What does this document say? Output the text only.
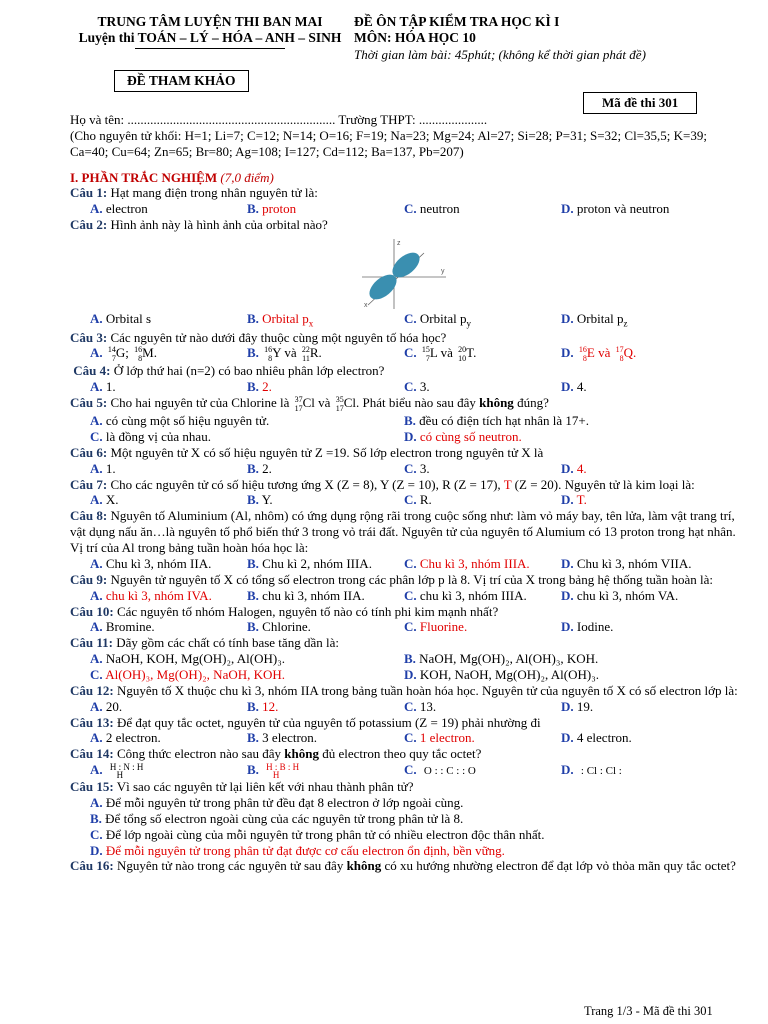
TRUNG TÂM LUYỆN THI BAN MAI
Luyện thi TOÁN – LÝ – HÓA – ANH – SINH
ĐỀ ÔN TẬP KIỂM TRA HỌC KÌ I
MÔN: HÓA HỌC 10
Thời gian làm bài: 45phút; (không kể thời gian phát đề)
ĐỀ THAM KHẢO
Mã đề thi 301

Họ và tên: ................................................................ Trường THPT: .....................

(Cho nguyên tử khối: H=1; Li=7; C=12; N=14; O=16; F=19; Na=23; Mg=24; Al=27; Si=28; P=31; S=32; Cl=35,5; K=39; Ca=40; Cu=64; Zn=65; Br=80; Ag=108; I=127; Cd=112; Ba=137, Pb=207)

I. PHẦN TRẮC NGHIỆM (7,0 điểm)

Câu 1: Hạt mang điện trong nhân nguyên tử là:

A. electron	B. proton	C. neutron	D. proton và neutron

Câu 2: Hình ảnh này là hình ảnh của orbital nào?

z
y
x
A. Orbital s	B. Orbital $p_x$	C. Orbital $p_y$	D. Orbital $p_z$

Câu 3: Các nguyên tử nào dưới đây thuộc cùng một nguyên tố hóa học?

A. 14
7G; 16
8M.	B. 16
8Y và 22
11R.	C. 15
7L và 20
10T.	D. 16
8E và 17
8Q.

Câu 4: Ở lớp thứ hai (n=2) có bao nhiêu phân lớp electron?

A. 1.	B. 2.	C. 3.	D. 4.

Câu 5: Cho hai nguyên tử của Chlorine là 37
17Cl và 35
17Cl. Phát biểu nào sau đây không đúng?

A. có cùng một số hiệu nguyên tử.	B. đều có điện tích hạt nhân là 17+.
C. là đồng vị của nhau.	D. có cùng số neutron.

Câu 6: Một nguyên tử X có số hiệu nguyên tử Z =19. Số lớp electron trong nguyên tử X là

A. 1.	B. 2.	C. 3.	D. 4.

Câu 7: Cho các nguyên tử có số hiệu tương ứng X (Z = 8), Y (Z = 10), R (Z = 17), T (Z = 20). Nguyên tử là kim loại là:

A. X.	B. Y.	C. R.	D. T.

Câu 8: Nguyên tố Aluminium (Al, nhôm) có ứng dụng rộng rãi trong cuộc sống như: làm vỏ máy bay, tên lửa, làm vật trang trí, vật dụng nấu ăn…là nguyên tố phổ biến thứ 3 trong vỏ trái đất. Nguyên tử của nguyên tố Alumium có 13 proton trong hạt nhân. Vị trí của Al trong bảng tuần hoàn hóa học là:

A. Chu kì 3, nhóm IIA.	B. Chu kì 2, nhóm IIIA.	C. Chu kì 3, nhóm IIIA.	D. Chu kì 3, nhóm VIIA.

Câu 9: Nguyên tử nguyên tố X có tổng số electron trong các phân lớp p là 8. Vị trí của X trong bảng hệ thống tuần hoàn là:

A. chu kì 3, nhóm IVA.	B. chu kì 3, nhóm IIA.	C. chu kì 3, nhóm IIIA.	D. chu kì 3, nhóm VA.

Câu 10: Các nguyên tố nhóm Halogen, nguyên tố nào có tính phi kim mạnh nhất?

A. Bromine.	B. Chlorine.	C. Fluorine.	D. Iodine.

Câu 11: Dãy gồm các chất có tính base tăng dần là:

A. NaOH, KOH, Mg(OH)₂, Al(OH)₃.	B. NaOH, Mg(OH)₂, Al(OH)₃, KOH.
C. Al(OH)₃, Mg(OH)₂, NaOH, KOH.	D. KOH, NaOH, Mg(OH)₂, Al(OH)₃.

Câu 12: Nguyên tố X thuộc chu kì 3, nhóm IIA trong bảng tuần hoàn hóa học. Nguyên tử của nguyên tố X có số electron lớp là:

A. 20.	B. 12.	C. 13.	D. 19.

Câu 13: Để đạt quy tắc octet, nguyên tử của nguyên tố potassium (Z = 19) phải nhường đi

A. 2 electron.	B. 3 electron.	C. 1 electron.	D. 4 electron.

Câu 14: Công thức electron nào sau đây không đủ electron theo quy tắc octet?

A. H : N : H
H	B. H : B : H
H	C. O : : C : : O	D. : Cl : Cl :

Câu 15: Vì sao các nguyên tử lại liên kết với nhau thành phân tử?

A. Để mỗi nguyên tử trong phân tử đều đạt 8 electron ở lớp ngoài cùng.
B. Để tổng số electron ngoài cùng của các nguyên tử trong phân tử là 8.
C. Để lớp ngoài cùng của mỗi nguyên tử trong phân tử có nhiều electron độc thân nhất.
D. Để mỗi nguyên tử trong phân tử đạt được cơ cấu electron ổn định, bền vững.

Câu 16: Nguyên tử nào trong các nguyên tử sau đây không có xu hướng nhường electron để đạt lớp vỏ thỏa mãn quy tắc octet?

Trang 1/3 - Mã đề thi 301
